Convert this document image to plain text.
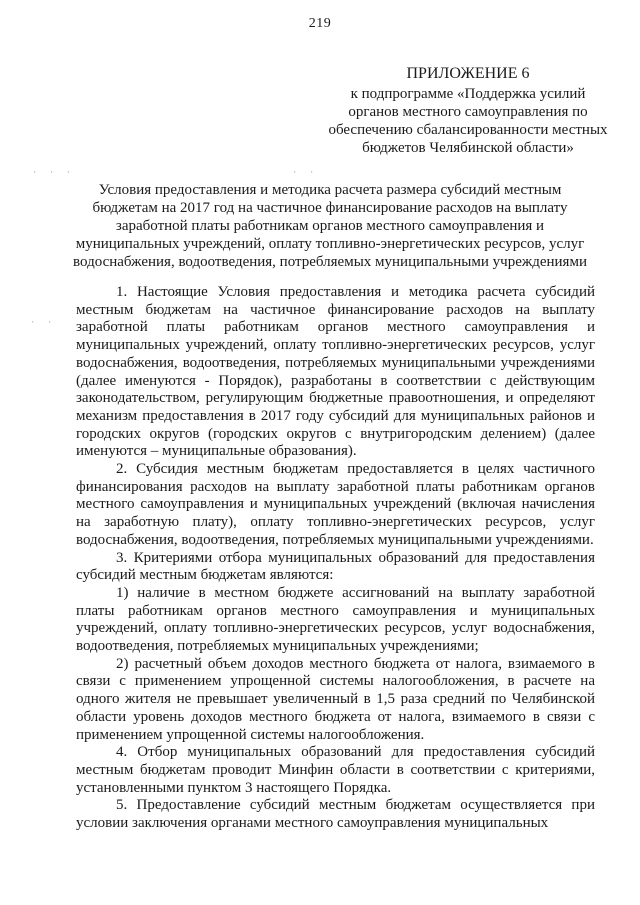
219
· · ·	· ·
· ·
ПРИЛОЖЕНИЕ 6
к подпрограмме «Поддержка усилий
органов местного самоуправления по
обеспечению сбалансированности местных
бюджетов Челябинской области»
Условия предоставления и методика расчета размера субсидий местным
бюджетам на 2017 год на частичное финансирование расходов на выплату
заработной платы работникам органов местного самоуправления и
муниципальных учреждений, оплату топливно-энергетических ресурсов, услуг
водоснабжения, водоотведения, потребляемых муниципальными учреждениями

1. Настоящие Условия предоставления и методика расчета субсидий местным бюджетам на частичное финансирование расходов на выплату заработной платы работникам органов местного самоуправления и муниципальных учреждений, оплату топливно-энергетических ресурсов, услуг водоснабжения, водоотведения, потребляемых муниципальными учреждениями (далее именуются - Порядок), разработаны в соответствии с действующим законодательством, регулирующим бюджетные правоотношения, и определяют механизм предоставления в 2017 году субсидий для муниципальных районов и городских округов (городских округов с внутригородским делением) (далее именуются – муниципальные образования).

2. Субсидия местным бюджетам предоставляется в целях частичного финансирования расходов на выплату заработной платы работникам органов местного самоуправления и муниципальных учреждений (включая начисления на заработную плату), оплату топливно-энергетических ресурсов, услуг водоснабжения, водоотведения, потребляемых муниципальными учреждениями.

3. Критериями отбора муниципальных образований для предоставления субсидий местным бюджетам являются:

1) наличие в местном бюджете ассигнований на выплату заработной платы работникам органов местного самоуправления и муниципальных учреждений, оплату топливно-энергетических ресурсов, услуг водоснабжения, водоотведения, потребляемых муниципальных учреждениями;

2) расчетный объем доходов местного бюджета от налога, взимаемого в связи с применением упрощенной системы налогообложения, в расчете на одного жителя не превышает увеличенный в 1,5 раза средний по Челябинской области уровень доходов местного бюджета от налога, взимаемого в связи с применением упрощенной системы налогообложения.

4. Отбор муниципальных образований для предоставления субсидий местным бюджетам проводит Минфин области в соответствии с критериями, установленными пунктом 3 настоящего Порядка.

5. Предоставление субсидий местным бюджетам осуществляется при условии заключения органами местного самоуправления муниципальных
